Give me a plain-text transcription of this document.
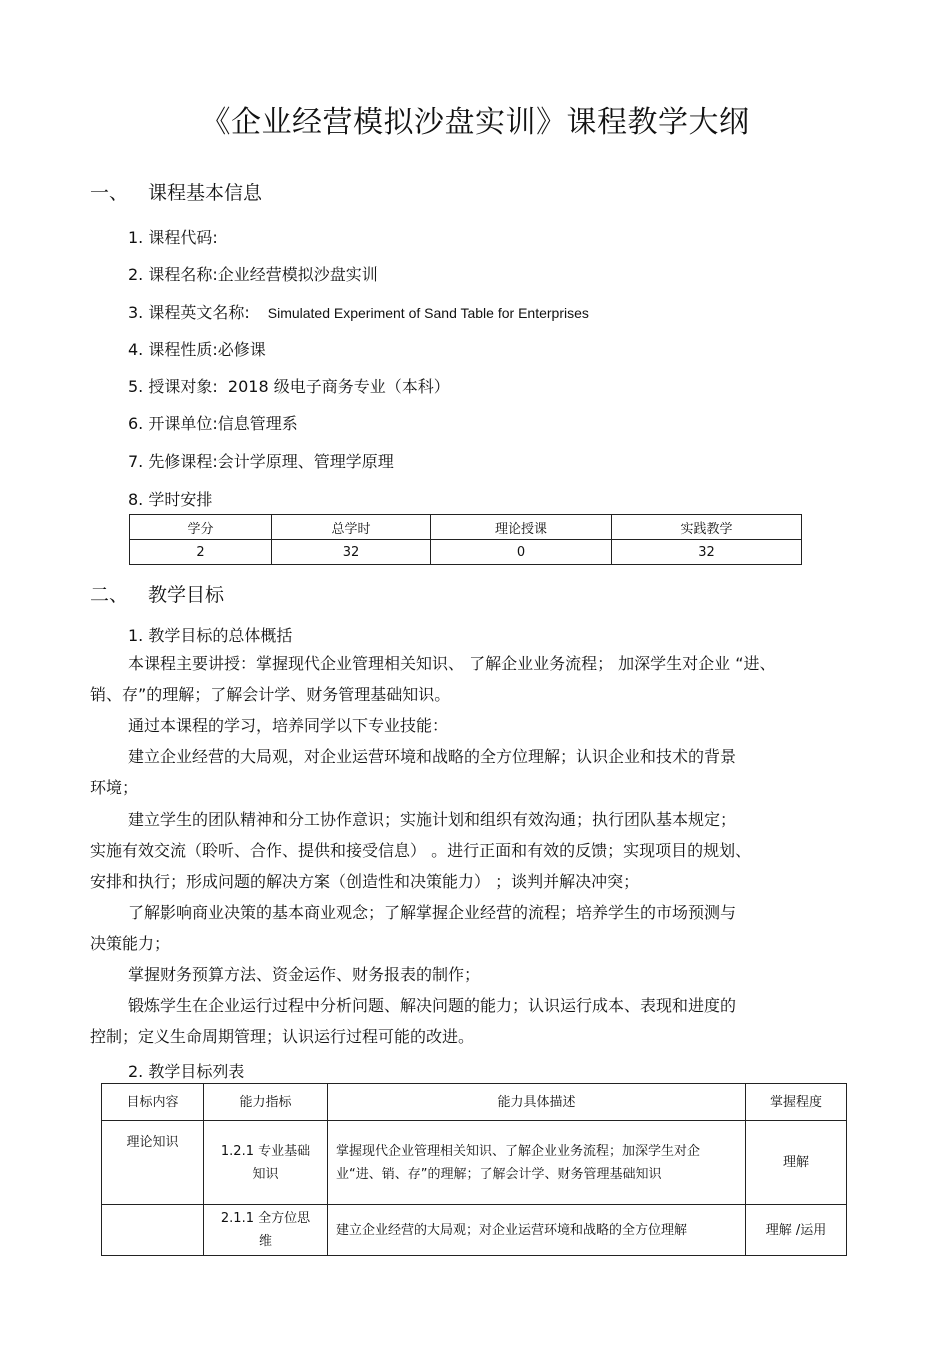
《企业经营模拟沙盘实训》课程教学大纲
一、 课程基本信息
1. 课程代码:
2. 课程名称:企业经营模拟沙盘实训
3. 课程英文名称: Simulated Experiment of Sand Table for Enterprises
4. 课程性质:必修课
5. 授课对象: 2018 级电子商务专业（本科）
6. 开课单位:信息管理系
7. 先修课程:会计学原理、管理学原理
8. 学时安排
学分	总学时	理论授课	实践教学
2	32	0	32
二、 教学目标
1. 教学目标的总体概括
本课程主要讲授：掌握现代企业管理相关知识、 了解企业业务流程； 加深学生对企业 “进、
销、存”的理解；了解会计学、财务管理基础知识。
通过本课程的学习，培养同学以下专业技能：
建立企业经营的大局观，对企业运营环境和战略的全方位理解；认识企业和技术的背景
环境；
建立学生的团队精神和分工协作意识；实施计划和组织有效沟通；执行团队基本规定；
实施有效交流（聆听、合作、提供和接受信息） 。进行正面和有效的反馈；实现项目的规划、
安排和执行；形成问题的解决方案（创造性和决策能力） ；谈判并解决冲突；
了解影响商业决策的基本商业观念；了解掌握企业经营的流程；培养学生的市场预测与
决策能力；
掌握财务预算方法、资金运作、财务报表的制作；
锻炼学生在企业运行过程中分析问题、解决问题的能力；认识运行成本、表现和进度的
控制；定义生命周期管理；认识运行过程可能的改进。
2. 教学目标列表
目标内容	能力指标	能力具体描述	掌握程度
理论知识	1.2.1 专业基础知识	掌握现代企业管理相关知识、了解企业业务流程；加深学生对企业“进、销、存”的理解；了解会计学、财务管理基础知识	理解
	2.1.1 全方位思维	建立企业经营的大局观；对企业运营环境和战略的全方位理解	理解 /运用
